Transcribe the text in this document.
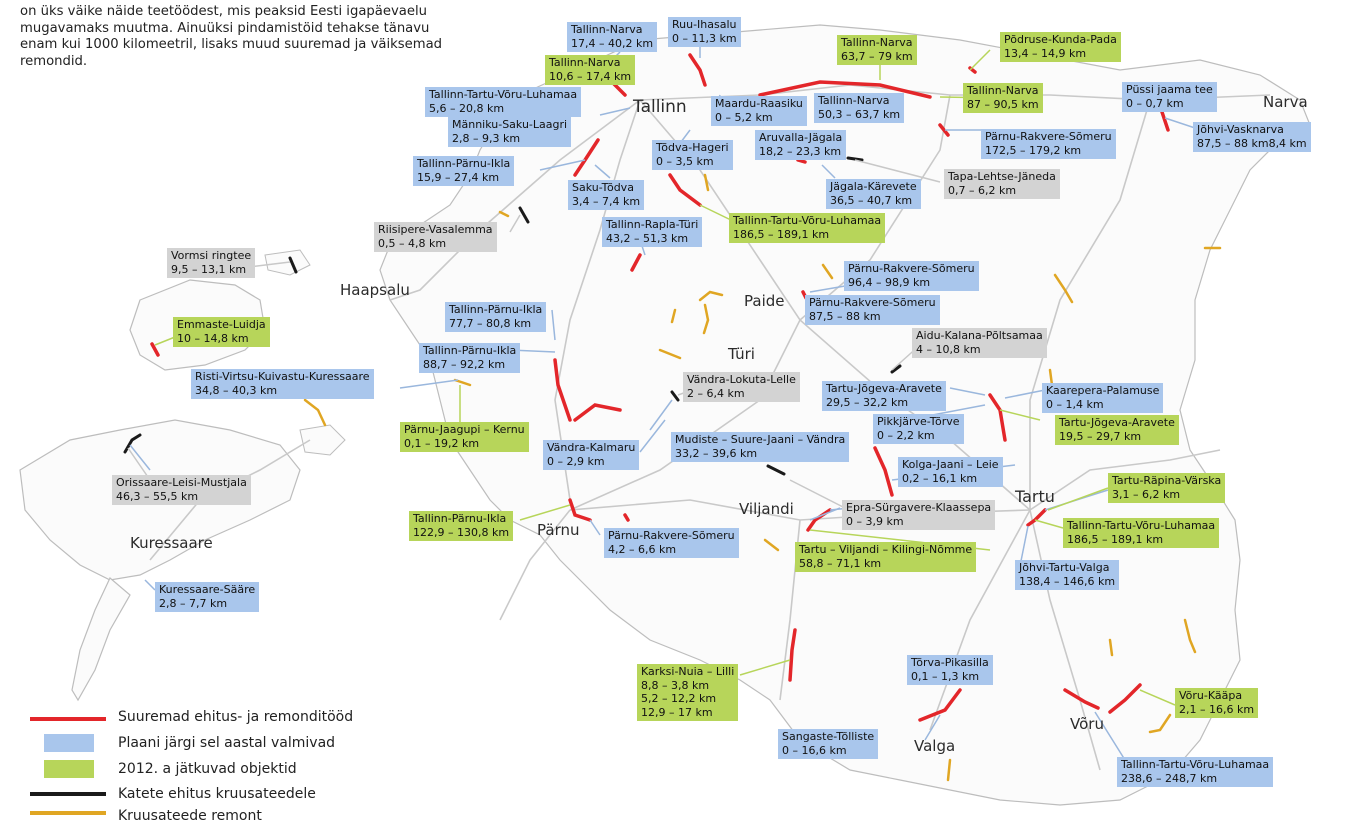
on üks väike näide teetöödest, mis peaksid Eesti igapäevaelu
mugavamaks muutma. Ainuüksi pindamistöid tehakse tänavu
enam kui 1000 kilomeetril, lisaks muud suuremad ja väiksemad
remondid.
Tallinn	Narva
Haapsalu
Paide
Türi
Tartu
Viljandi
Pärnu
Kuressaare
Valga
Võru
Tallinn-Narva
17,4 – 40,2 km
Ruu-Ihasalu
0 – 11,3 km	Tallinn-Narva
63,7 – 79 km
Põdruse-Kunda-Pada
13,4 – 14,9 km
Tallinn-Narva
10,6 – 17,4 km
Tallinn-Narva
87 – 90,5 km
Tallinn-Tartu-Võru-Luhamaa
5,6 – 20,8 km	Maardu-Raasiku
0 – 5,2 km
Tallinn-Narva
50,3 – 63,7 km
Püssi jaama tee
0 – 0,7 km
Männiku-Saku-Laagri
2,8 – 9,3 km	Aruvalla-Jägala
18,2 – 23,3 km
Pärnu-Rakvere-Sõmeru
172,5 – 179,2 km
Jõhvi-Vasknarva
87,5 – 88 km8,4 km
Tallinn-Pärnu-Ikla
15,9 – 27,4 km
Tõdva-Hageri
0 – 3,5 km
Tapa-Lehtse-Jäneda
0,7 – 6,2 km
Saku-Tõdva
3,4 – 7,4 km
Jägala-Kärevete
36,5 – 40,7 km
Tallinn-Tartu-Võru-Luhamaa
186,5 – 189,1 km
Riisipere-Vasalemma
0,5 – 4,8 km
Tallinn-Rapla-Türi
43,2 – 51,3 km
Vormsi ringtee
9,5 – 13,1 km	Pärnu-Rakvere-Sõmeru
96,4 – 98,9 km
Pärnu-Rakvere-Sõmeru
87,5 – 88 km
Tallinn-Pärnu-Ikla
77,7 – 80,8 km
Emmaste-Luidja
10 – 14,8 km	Aidu-Kalana-Põltsamaa
4 – 10,8 km
Tallinn-Pärnu-Ikla
88,7 – 92,2 km
Risti-Virtsu-Kuivastu-Kuressaare
34,8 – 40,3 km
Vändra-Lokuta-Lelle
2 – 6,4 km	Tartu-Jõgeva-Aravete
29,5 – 32,2 km
Kaarepera-Palamuse
0 – 1,4 km
Pikkjärve-Tõrve
0 – 2,2 km
Tartu-Jõgeva-Aravete
19,5 – 29,7 km
Pärnu-Jaagupi – Kernu
0,1 – 19,2 km	Vändra-Kalmaru
0 – 2,9 km
Mudiste – Suure-Jaani – Vändra
33,2 – 39,6 km
Kolga-Jaani – Leie
0,2 – 16,1 km
Orissaare-Leisi-Mustjala
46,3 – 55,5 km
Tartu-Räpina-Värska
3,1 – 6,2 km
Epra-Sürgavere-Klaassepa
0 – 3,9 km
Tallinn-Pärnu-Ikla
122,9 – 130,8 km	Tallinn-Tartu-Võru-Luhamaa
186,5 – 189,1 km
Pärnu-Rakvere-Sõmeru
4,2 – 6,6 km	Tartu – Viljandi – Kilingi-Nõmme
58,8 – 71,1 km	Jõhvi-Tartu-Valga
138,4 – 146,6 km
Kuressaare-Sääre
2,8 – 7,7 km
Karksi-Nuia – Lilli
8,8 – 3,8 km
5,2 – 12,2 km
12,9 – 17 km
Tõrva-Pikasilla
0,1 – 1,3 km
Võru-Kääpa
2,1 – 16,6 km
Sangaste-Tõlliste
0 – 16,6 km
Tallinn-Tartu-Võru-Luhamaa
238,6 – 248,7 km
Suuremad ehitus- ja remonditööd
Plaani järgi sel aastal valmivad
2012. a jätkuvad objektid
Katete ehitus kruusateedele
Kruusateede remont
